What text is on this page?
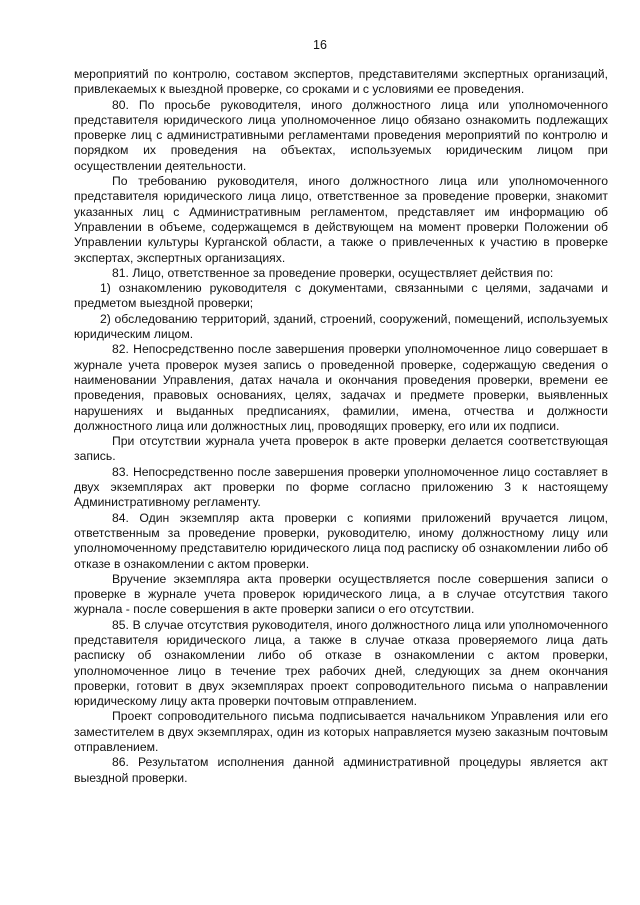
16

мероприятий по контролю, составом экспертов, представителями экспертных организаций, привлекаемых к выездной проверке, со сроками и с условиями ее проведения.

80. По просьбе руководителя, иного должностного лица или уполномоченного представителя юридического лица уполномоченное лицо обязано ознакомить подлежащих проверке лиц с административными регламентами проведения мероприятий по контролю и порядком их проведения на объектах, используемых юридическим лицом при осуществлении деятельности.

По требованию руководителя, иного должностного лица или уполномоченного представителя юридического лица лицо, ответственное за проведение проверки, знакомит указанных лиц с Административным регламентом, представляет им информацию об Управлении в объеме, содержащемся в действующем на момент проверки Положении об Управлении культуры Курганской области, а также о привлеченных к участию в проверке экспертах, экспертных организациях.

81. Лицо, ответственное за проведение проверки, осуществляет действия по:

1) ознакомлению руководителя с документами, связанными с целями, задачами и предметом выездной проверки;

2) обследованию территорий, зданий, строений, сооружений, помещений, используемых юридическим лицом.

82. Непосредственно после завершения проверки уполномоченное лицо совершает в журнале учета проверок музея запись о проведенной проверке, содержащую сведения о наименовании Управления, датах начала и окончания проведения проверки, времени ее проведения, правовых основаниях, целях, задачах и предмете проверки, выявленных нарушениях и выданных предписаниях, фамилии, имена, отчества и должности должностного лица или должностных лиц, проводящих проверку, его или их подписи.

При отсутствии журнала учета проверок в акте проверки делается соответствующая запись.

83. Непосредственно после завершения проверки уполномоченное лицо составляет в двух экземплярах акт проверки по форме согласно приложению 3 к настоящему Административному регламенту.

84. Один экземпляр акта проверки с копиями приложений вручается лицом, ответственным за проведение проверки, руководителю, иному должностному лицу или уполномоченному представителю юридического лица под расписку об ознакомлении либо об отказе в ознакомлении с актом проверки.

Вручение экземпляра акта проверки осуществляется после совершения записи о проверке в журнале учета проверок юридического лица, а в случае отсутствия такого журнала - после совершения в акте проверки записи о его отсутствии.

85. В случае отсутствия руководителя, иного должностного лица или уполномоченного представителя юридического лица, а также в случае отказа проверяемого лица дать расписку об ознакомлении либо об отказе в ознакомлении с актом проверки, уполномоченное лицо в течение трех рабочих дней, следующих за днем окончания проверки, готовит в двух экземплярах проект сопроводительного письма о направлении юридическому лицу акта проверки почтовым отправлением.

Проект сопроводительного письма подписывается начальником Управления или его заместителем в двух экземплярах, один из которых направляется музею заказным почтовым отправлением.

86. Результатом исполнения данной административной процедуры является акт выездной проверки.
